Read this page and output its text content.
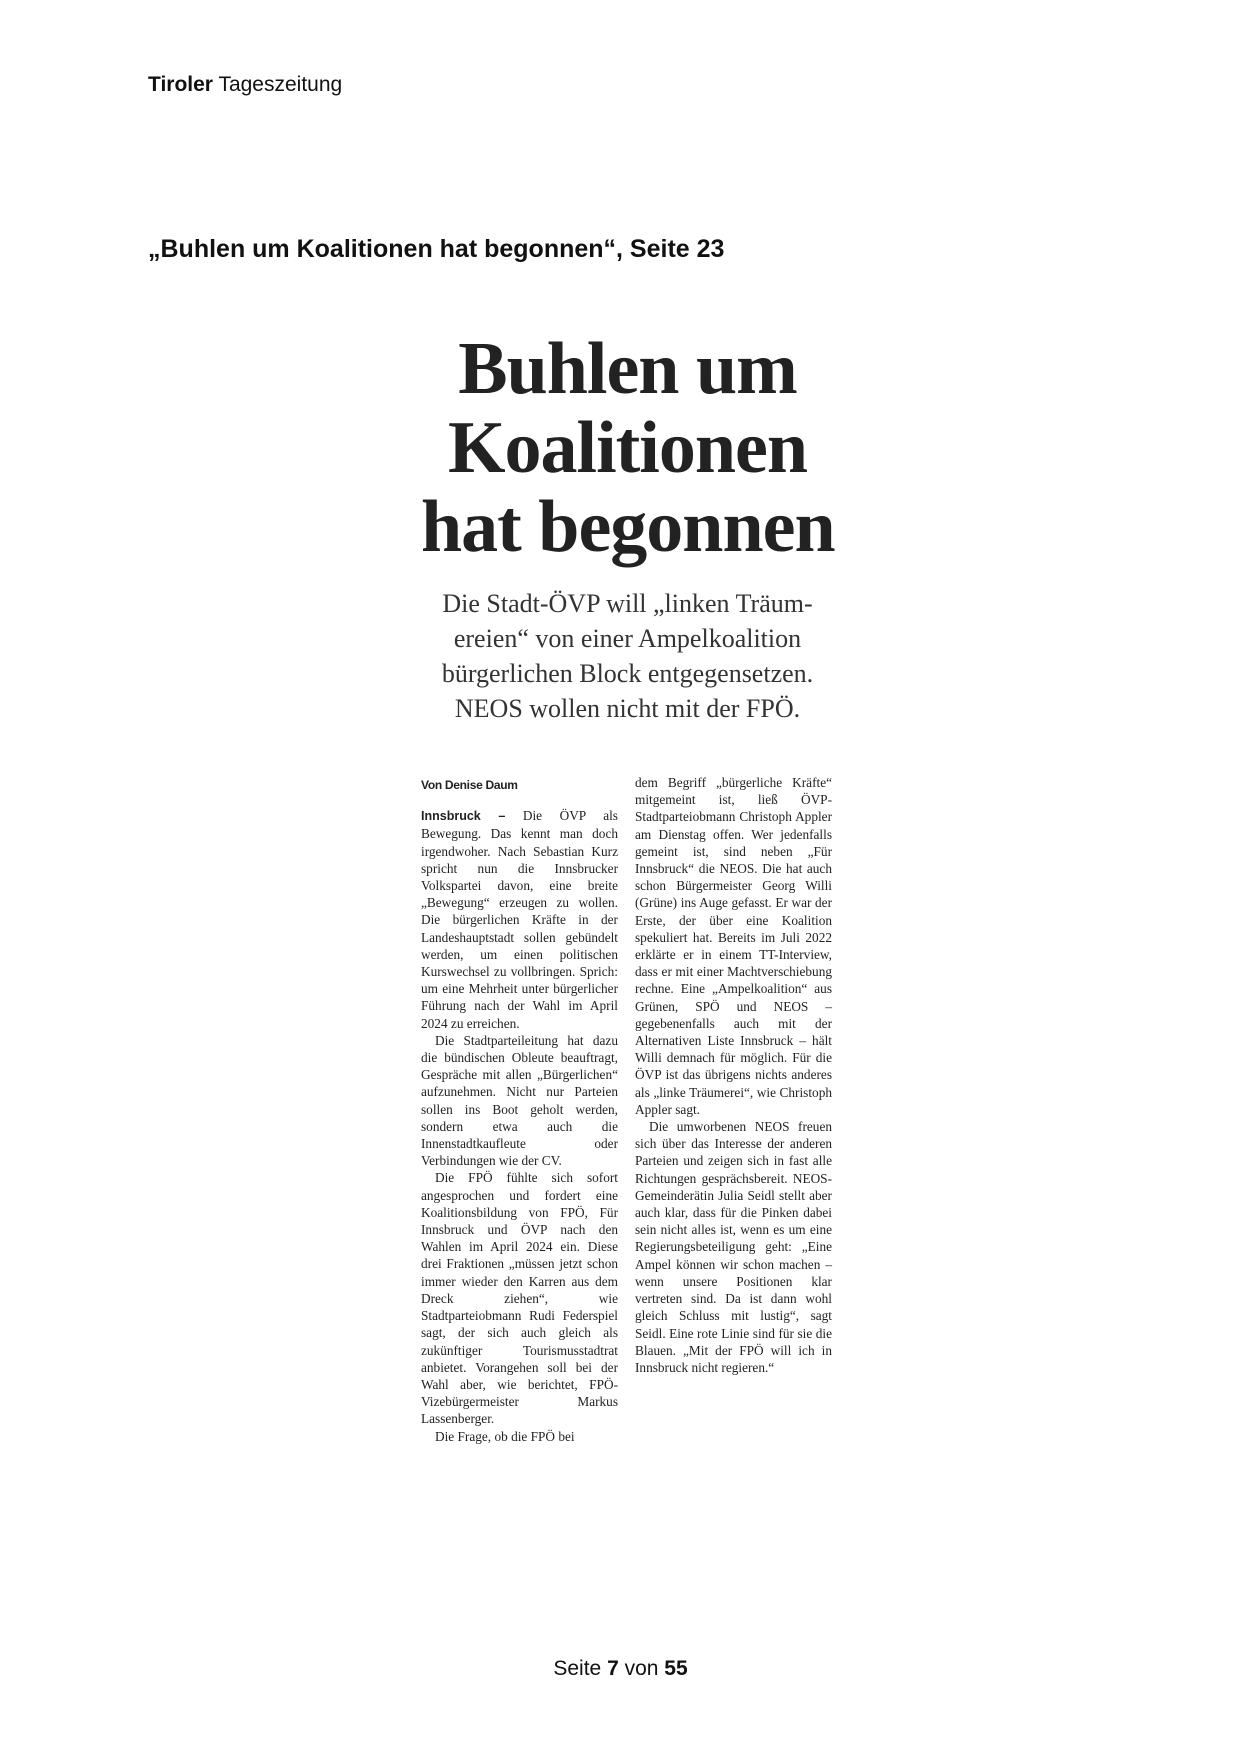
Tiroler Tageszeitung
„Buhlen um Koalitionen hat begonnen“, Seite 23
Buhlen um
Koalitionen
hat begonnen
Die Stadt-ÖVP will „linken Träum-
ereien“ von einer Ampelkoalition
bürgerlichen Block entgegensetzen.
NEOS wollen nicht mit der FPÖ.
Von Denise Daum

Innsbruck – Die ÖVP als Bewegung. Das kennt man doch irgendwoher. Nach Sebastian Kurz spricht nun die Innsbrucker Volkspartei davon, eine breite „Bewegung“ erzeugen zu wollen. Die bürgerlichen Kräfte in der Landeshauptstadt sollen gebündelt werden, um einen politischen Kurswechsel zu vollbringen. Sprich: um eine Mehrheit unter bürgerlicher Führung nach der Wahl im April 2024 zu erreichen.

Die Stadtparteileitung hat dazu die bündischen Obleute beauftragt, Gespräche mit allen „Bürgerlichen“ aufzunehmen. Nicht nur Parteien sollen ins Boot geholt werden, sondern etwa auch die Innenstadtkaufleute oder Verbindungen wie der CV.

Die FPÖ fühlte sich sofort angesprochen und fordert eine Koalitionsbildung von FPÖ, Für Innsbruck und ÖVP nach den Wahlen im April 2024 ein. Diese drei Fraktionen „müssen jetzt schon immer wieder den Karren aus dem Dreck ziehen“, wie Stadtparteiobmann Rudi Federspiel sagt, der sich auch gleich als zukünftiger Tourismusstadtrat anbietet. Vorangehen soll bei der Wahl aber, wie berichtet, FPÖ-Vizebürgermeister Markus Lassenberger.

Die Frage, ob die FPÖ bei

dem Begriff „bürgerliche Kräfte“ mitgemeint ist, ließ ÖVP-Stadtparteiobmann Christoph Appler am Dienstag offen. Wer jedenfalls gemeint ist, sind neben „Für Innsbruck“ die NEOS. Die hat auch schon Bürgermeister Georg Willi (Grüne) ins Auge gefasst. Er war der Erste, der über eine Koalition spekuliert hat. Bereits im Juli 2022 erklärte er in einem TT-Interview, dass er mit einer Machtverschiebung rechne. Eine „Ampelkoalition“ aus Grünen, SPÖ und NEOS – gegebenenfalls auch mit der Alternativen Liste Innsbruck – hält Willi demnach für möglich. Für die ÖVP ist das übrigens nichts anderes als „linke Träumerei“, wie Christoph Appler sagt.

Die umworbenen NEOS freuen sich über das Interesse der anderen Parteien und zeigen sich in fast alle Richtungen gesprächsbereit. NEOS-Gemeinderätin Julia Seidl stellt aber auch klar, dass für die Pinken dabei sein nicht alles ist, wenn es um eine Regierungsbeteiligung geht: „Eine Ampel können wir schon machen – wenn unsere Positionen klar vertreten sind. Da ist dann wohl gleich Schluss mit lustig“, sagt Seidl. Eine rote Linie sind für sie die Blauen. „Mit der FPÖ will ich in Innsbruck nicht regieren.“

Seite 7 von 55
